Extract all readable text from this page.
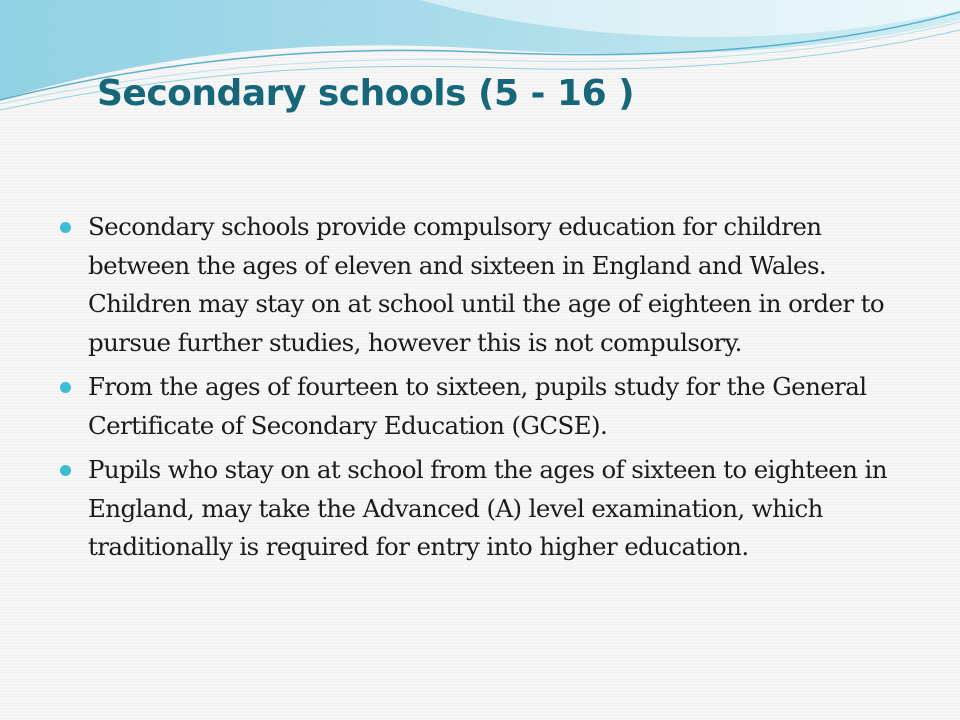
Secondary schools (5 - 16 )
Secondary schools provide compulsory education for children between the ages of eleven and sixteen in England and Wales. Children may stay on at school until the age of eighteen in order to pursue further studies, however this is not compulsory.
From the ages of fourteen to sixteen, pupils study for the General Certificate of Secondary Education (GCSE).
Pupils who stay on at school from the ages of sixteen to eighteen in England, may take the Advanced (A) level examination, which traditionally is required for entry into higher education.
